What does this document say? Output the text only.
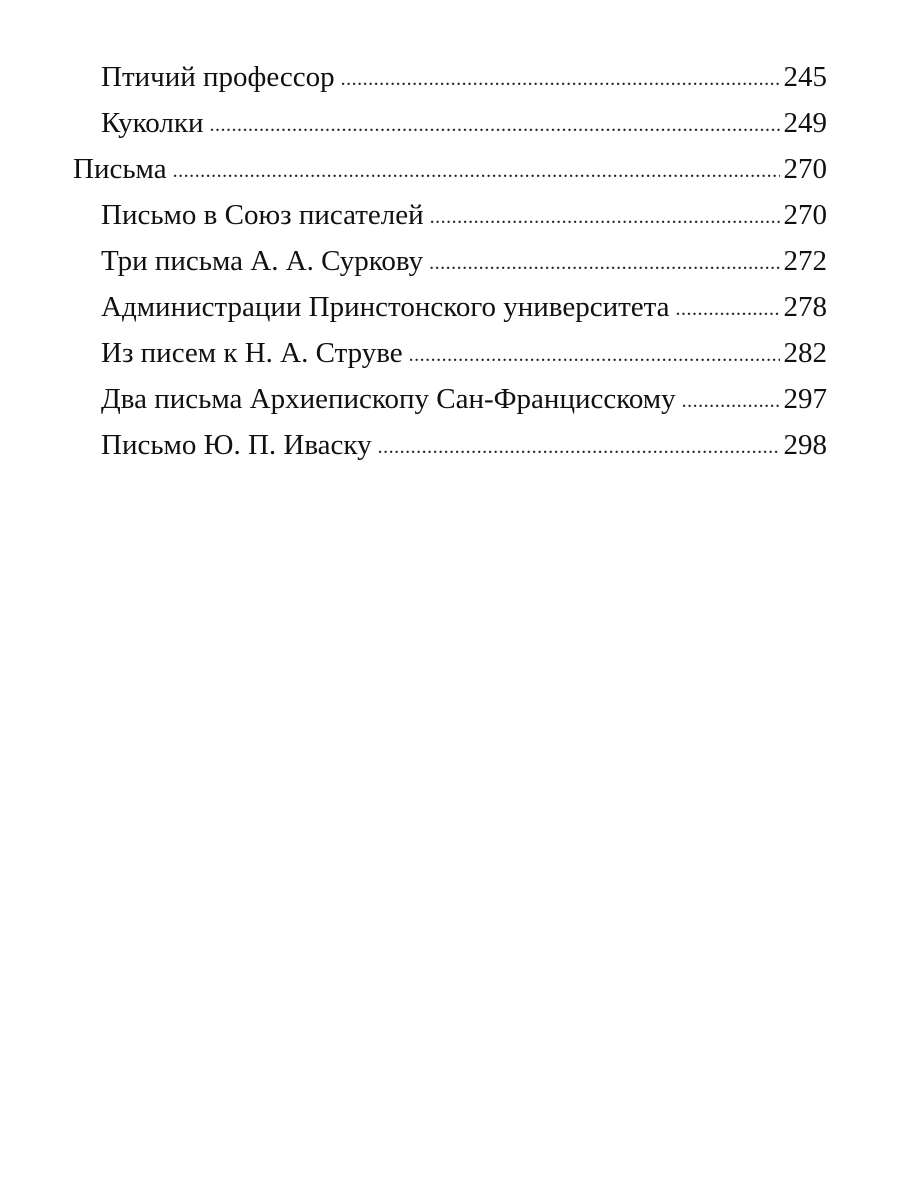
Птичий профессор .....	245
Куколки .....	249
Письма .....	270
Письмо в Союз писателей .....	270
Три письма А. А. Суркову .....	272
Администрации Принстонского университета .....	278
Из писем к Н. А. Струве .....	282
Два письма Архиепископу Сан-Францисскому .....	297
Письмо Ю. П. Иваску .....	298
